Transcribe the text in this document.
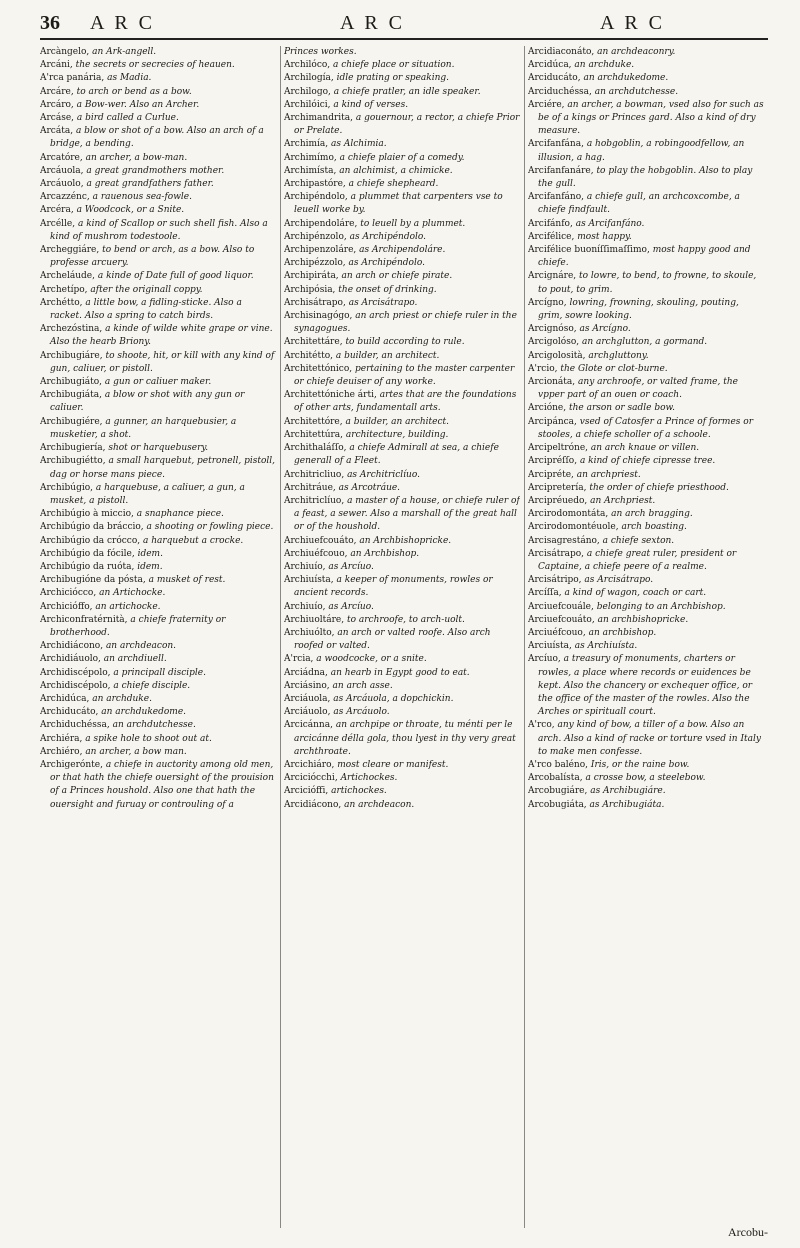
36 A R C	A R C	A R C

Arcàngelo, an Ark-angell.

Arcáni, the secrets or secrecies of heauen.

A'rca panária, as Madia.

Arcáre, to arch or bend as a bow.

Arcáro, a Bow-wer. Also an Archer.

Arcáse, a bird called a Curlue.

Arcáta, a blow or shot of a bow. Also an arch of a bridge, a bending.

Arcatóre, an archer, a bow-man.

Arcáuola, a great grandmothers mother.

Arcáuolo, a great grandfathers father.

Arcazzénc, a rauenous sea-fowle.

Arcéra, a Woodcock, or a Snite.

Arcélle, a kind of Scallop or such shell fish. Also a kind of mushrom todestoole.

Archeggiáre, to bend or arch, as a bow. Also to professe arcuery.

Archeláude, a kinde of Date full of good liquor.

Archetípo, after the originall coppy.

Archétto, a little bow, a fidling-sticke. Also a racket. Also a spring to catch birds.

Archezóstina, a kinde of wilde white grape or vine. Also the hearb Briony.

Archibugiáre, to shoote, hit, or kill with any kind of gun, caliuer, or pistoll.

Archibugiáto, a gun or caliuer maker.

Archibugiáta, a blow or shot with any gun or caliuer.

Archibugiére, a gunner, an harquebusier, a musketier, a shot.

Archibugiería, shot or harquebusery.

Archibugiétto, a small harquebut, petronell, pistoll, dag or horse mans piece.

Archibúgio, a harquebuse, a caliuer, a gun, a musket, a pistoll.

Archibúgio à miccio, a snaphance piece.

Archibúgio da bráccio, a shooting or fowling piece.

Archibúgio da crócco, a harquebut a crocke.

Archibúgio da fócile, idem.

Archibúgio da ruóta, idem.

Archibugióne da pósta, a musket of rest.

Archiciócco, an Artichocke.

Archicióffo, an artichocke.

Archiconfratérnità, a chiefe fraternity or brotherhood.

Archidiácono, an archdeacon.

Archidiáuolo, an archdiuell.

Archidiscépolo, a principall disciple.

Archidiscépolo, a chiefe disciple.

Archidúca, an archduke.

Archiducáto, an archdukedome.

Archiduchéssa, an archdutchesse.

Archiéra, a spike hole to shoot out at.

Archiéro, an archer, a bow man.

Archigerónte, a chiefe in auctority among old men, or that hath the chiefe ouersight of the prouision of a Princes houshold. Also one that hath the ouersight and furuay or controuling of a

Princes workes.

Archilóco, a chiefe place or situation.

Archilogía, idle prating or speaking.

Archilogo, a chiefe pratler, an idle speaker.

Archilóici, a kind of verses.

Archimandrita, a gouernour, a rector, a chiefe Prior or Prelate.

Archimía, as Alchimia.

Archimímo, a chiefe plaier of a comedy.

Archimísta, an alchimist, a chimicke.

Archipastóre, a chiefe shepheard.

Archipéndolo, a plummet that carpenters vse to leuell worke by.

Archipendoláre, to leuell by a plummet.

Archipénzolo, as Archipéndolo.

Archipenzoláre, as Archipendoláre.

Archipézzolo, as Archipéndolo.

Archipiráta, an arch or chiefe pirate.

Archipósia, the onset of drinking.

Archisátrapo, as Arcisátrapo.

Archisinagógo, an arch priest or chiefe ruler in the synagogues.

Architettáre, to build according to rule.

Architétto, a builder, an architect.

Architettónico, pertaining to the master carpenter or chiefe deuiser of any worke.

Architettóniche árti, artes that are the foundations of other arts, fundamentall arts.

Architettóre, a builder, an architect.

Architettúra, architecture, building.

Archithaláſſo, a chiefe Admirall at sea, a chiefe generall of a Fleet.

Architricliuo, as Architriclíuo.

Architráue, as Arcotráue.

Architriclíuo, a master of a house, or chiefe ruler of a feast, a sewer. Also a marshall of the great hall or of the houshold.

Archiuefcouáto, an Archbishopricke.

Archiuéfcouo, an Archbishop.

Archiuío, as Arcíuo.

Archiuísta, a keeper of monuments, rowles or ancient records.

Archiuío, as Arcíuo.

Archiuoltáre, to archroofe, to arch-uolt.

Archiuólto, an arch or valted roofe. Also arch roofed or valted.

A'rcia, a woodcocke, or a snite.

Arciádna, an hearb in Egypt good to eat.

Arciásino, an arch asse.

Arciáuola, as Arcáuola, a dopchickin.

Arciáuolo, as Arcáuolo.

Arcicánna, an archpipe or throate, tu ménti per le arcicánne délla gola, thou lyest in thy very great archthroate.

Arcichiáro, most cleare or manifest.

Arciciócchi, Artichockes.

Arcicióffi, artichockes.

Arcidiácono, an archdeacon.

Arcidiaconáto, an archdeaconry.

Arcidúca, an archduke.

Arciducáto, an archdukedome.

Arciduchéssa, an archdutchesse.

Arciére, an archer, a bowman, vsed also for such as be of a kings or Princes gard. Also a kind of dry measure.

Arcifanfána, a hobgoblin, a robingoodfellow, an illusion, a hag.

Arcifanfanáre, to play the hobgoblin. Also to play the gull.

Arcifanfáno, a chiefe gull, an archcoxcombe, a chiefe findfault.

Arcifánfo, as Arcifanfáno.

Arcifélice, most happy.

Arcifélice buoníſſimaſſimo, most happy good and chiefe.

Arcignáre, to lowre, to bend, to frowne, to skoule, to pout, to grim.

Arcígno, lowring, frowning, skouling, pouting, grim, sowre looking.

Arcignóso, as Arcígno.

Arcigolóso, an archglutton, a gormand.

Arcigolosità, archgluttony.

A'rcio, the Glote or clot-burne.

Arcionáta, any archroofe, or valted frame, the vpper part of an ouen or coach.

Arcióne, the arson or sadle bow.

Arcipánca, vsed of Catosfer a Prince of formes or stooles, a chiefe scholler of a schoole.

Arcipeltróne, an arch knaue or villen.

Arcipréſſo, a kind of chiefe cipresse tree.

Arcipréte, an archpriest.

Arcipretería, the order of chiefe priesthood.

Arcipréuedo, an Archpriest.

Arcirodomontáta, an arch bragging.

Arcirodomontéuole, arch boasting.

Arcisagrestáno, a chiefe sexton.

Arcisátrapo, a chiefe great ruler, president or Captaine, a chiefe peere of a realme.

Arcisátripo, as Arcisátrapo.

Arcíſſa, a kind of wagon, coach or cart.

Arciuefcouále, belonging to an Archbishop.

Arciuefcouáto, an archbishopricke.

Arciuéfcouo, an archbishop.

Arciuísta, as Archiuísta.

Arcíuo, a treasury of monuments, charters or rowles, a place where records or euidences be kept. Also the chancery or exchequer office, or the office of the master of the rowles. Also the Arches or spirituall court.

A'rco, any kind of bow, a tiller of a bow. Also an arch. Also a kind of racke or torture vsed in Italy to make men confesse.

A'rco baléno, Iris, or the raine bow.

Arcobalísta, a crosse bow, a steelebow.

Arcobugiáre, as Archibugiáre.

Arcobugiáta, as Archibugiáta.

Arcobu-
